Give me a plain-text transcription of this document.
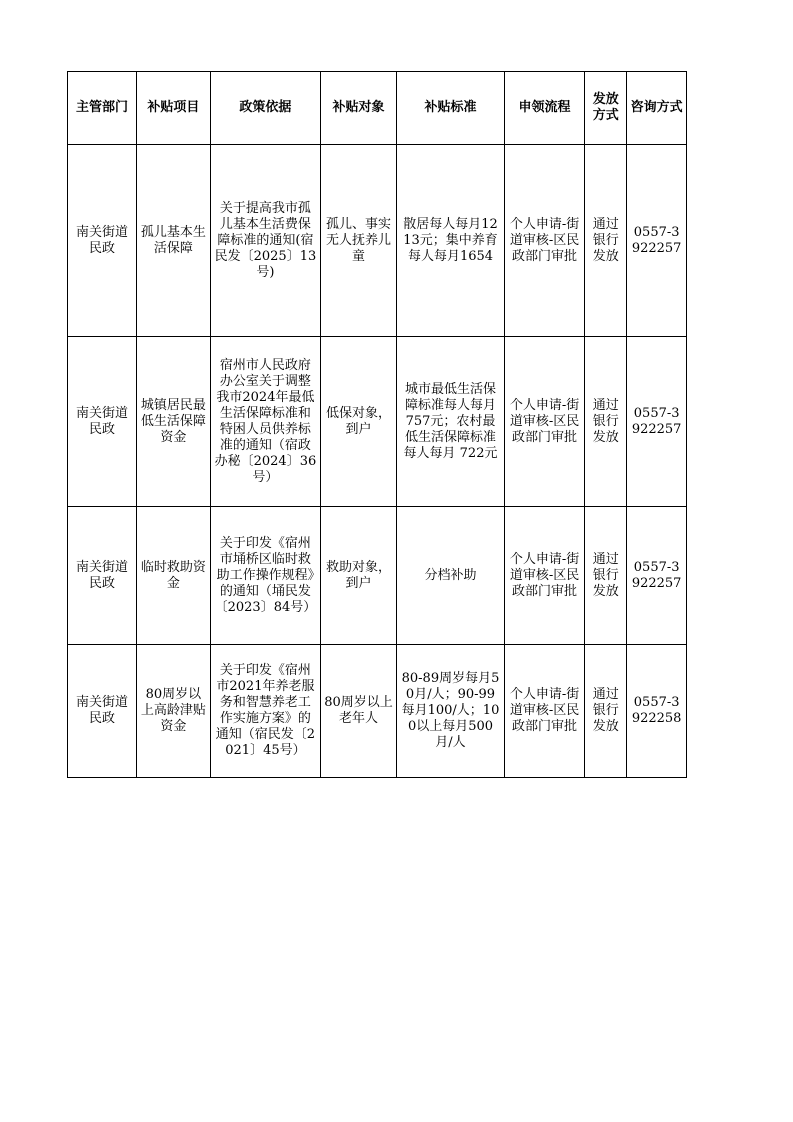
主管部门	补贴项目	政策依据	补贴对象	补贴标准	申领流程	发放方式	咨询方式
南关街道民政	孤儿基本生活保障	关于提高我市孤儿基本生活费保障标准的通知(宿民发〔2025〕13号)	孤儿、事实无人抚养儿童	散居每人每月1213元；集中养育每人每月1654	个人申请-街道审核-区民政部门审批	通过银行发放	0557-3922257
南关街道民政	城镇居民最低生活保障资金	宿州市人民政府办公室关于调整我市2024年最低生活保障标准和特困人员供养标准的通知（宿政办秘〔2024〕36号）	低保对象，到户	城市最低生活保障标准每人每月 757元；农村最低生活保障标准每人每月 722元	个人申请-街道审核-区民政部门审批	通过银行发放	0557-3922257
南关街道民政	临时救助资金	关于印发《宿州市埇桥区临时救助工作操作规程》的通知（埇民发〔2023〕84号）	救助对象，到户	分档补助	个人申请-街道审核-区民政部门审批	通过银行发放	0557-3922257
南关街道民政	80周岁以上高龄津贴资金	关于印发《宿州市2021年养老服务和智慧养老工作实施方案》的通知（宿民发〔2021〕45号）	80周岁以上老年人	80-89周岁每月50月/人；90-99每月100/人；100以上每月500月/人	个人申请-街道审核-区民政部门审批	通过银行发放	0557-3922258
